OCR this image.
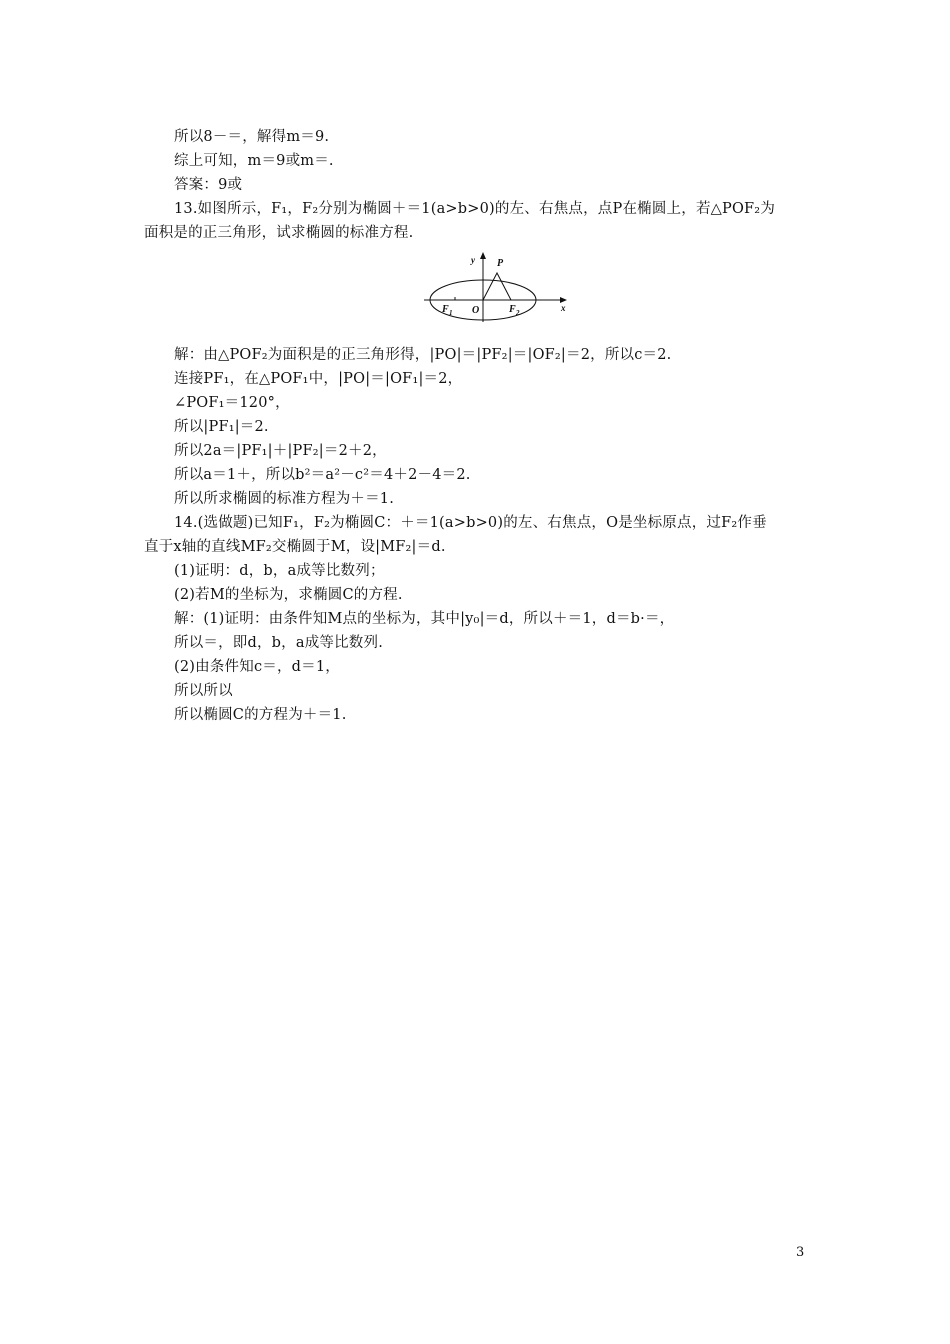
所以8－＝，解得m＝9.
综上可知，m＝9或m＝.
答案：9或
13.如图所示，F₁，F₂分别为椭圆＋＝1(a>b>0)的左、右焦点，点P在椭圆上，若△POF₂为
面积是的正三角形，试求椭圆的标准方程.
y
x
P
O
F 1	F 2
解：由△POF₂为面积是的正三角形得，|PO|＝|PF₂|＝|OF₂|＝2，所以c＝2.
连接PF₁，在△POF₁中，|PO|＝|OF₁|＝2，
∠POF₁＝120°，
所以|PF₁|＝2.
所以2a＝|PF₁|＋|PF₂|＝2＋2，
所以a＝1＋，所以b²＝a²－c²＝4＋2－4＝2.
所以所求椭圆的标准方程为＋＝1.
14.(选做题)已知F₁，F₂为椭圆C：＋＝1(a>b>0)的左、右焦点，O是坐标原点，过F₂作垂
直于x轴的直线MF₂交椭圆于M，设|MF₂|＝d.
(1)证明：d，b，a成等比数列；
(2)若M的坐标为，求椭圆C的方程.
解：(1)证明：由条件知M点的坐标为，其中|y₀|＝d，所以＋＝1，d＝b·＝，
所以＝，即d，b，a成等比数列.
(2)由条件知c＝，d＝1，
所以所以
所以椭圆C的方程为＋＝1.
3
